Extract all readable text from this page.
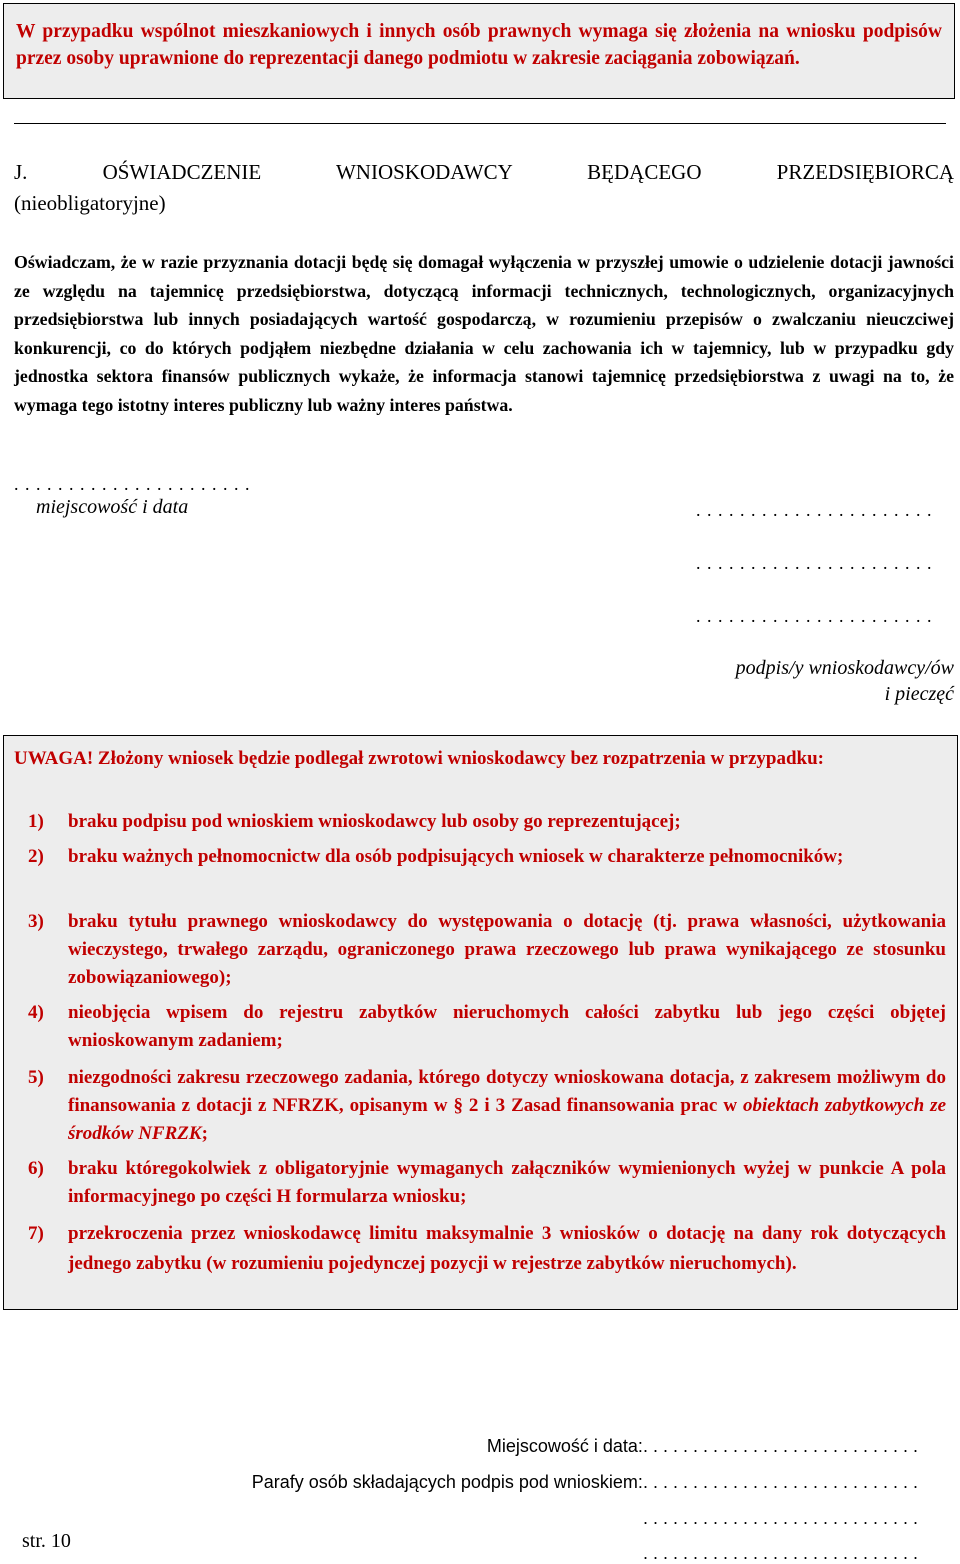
W przypadku wspólnot mieszkaniowych i innych osób prawnych wymaga się złożenia na wniosku podpisów przez osoby uprawnione do reprezentacji danego podmiotu w zakresie zaciągania zobowiązań.

J. OŚWIADCZENIE WNIOSKODAWCY BĘDĄCEGO PRZEDSIĘBIORCĄ
(nieobligatoryjne)

Oświadczam, że w razie przyznania dotacji będę się domagał wyłączenia w przyszłej umowie o udzielenie dotacji jawności ze względu na tajemnicę przedsiębiorstwa, dotyczącą informacji technicznych, technologicznych, organizacyjnych przedsiębiorstwa lub innych posiadających wartość gospodarczą, w rozumieniu przepisów o zwalczaniu nieuczciwej konkurencji, co do których podjąłem niezbędne działania w celu zachowania ich w tajemnicy, lub w przypadku gdy jednostka sektora finansów publicznych wykaże, że informacja stanowi tajemnicę przedsiębiorstwa z uwagi na to, że wymaga tego istotny interes publiczny lub ważny interes państwa.

. . . . . . . . . . . . . . . . . . . . . .
miejscowość i data	. . . . . . . . . . . . . . . . . . . . . .
. . . . . . . . . . . . . . . . . . . . . .
. . . . . . . . . . . . . . . . . . . . . .
podpis/y wnioskodawcy/ów
i pieczęć
UWAGA! Złożony wniosek będzie podlegał zwrotowi wnioskodawcy bez rozpatrzenia w przypadku:
1) braku podpisu pod wnioskiem wnioskodawcy lub osoby go reprezentującej;
2) braku ważnych pełnomocnictw dla osób podpisujących wniosek w charakterze pełnomocników;
3) braku tytułu prawnego wnioskodawcy do występowania o dotację (tj. prawa własności, użytkowania wieczystego, trwałego zarządu, ograniczonego prawa rzeczowego lub prawa wynikającego ze stosunku zobowiązaniowego);
4) nieobjęcia wpisem do rejestru zabytków nieruchomych całości zabytku lub jego części objętej wnioskowanym zadaniem;
5) niezgodności zakresu rzeczowego zadania, którego dotyczy wnioskowana dotacja, z zakresem możliwym do finansowania z dotacji z NFRZK, opisanym w § 2 i 3 Zasad finansowania prac w obiektach zabytkowych ze środków NFRZK;
6) braku któregokolwiek z obligatoryjnie wymaganych załączników wymienionych wyżej w punkcie A pola informacyjnego po części H formularza wniosku;
7) przekroczenia przez wnioskodawcę limitu maksymalnie 3 wniosków o dotację na dany rok dotyczących jednego zabytku (w rozumieniu pojedynczej pozycji w rejestrze zabytków nieruchomych).
Miejscowość i data:. . . . . . . . . . . . . . . . . . . . . . . . . . . .
Parafy osób składających podpis pod wnioskiem:. . . . . . . . . . . . . . . . . . . . . . . . . . . .
. . . . . . . . . . . . . . . . . . . . . . . . . . . .
. . . . . . . . . . . . . . . . . . . . . . . . . . . .
str. 10
